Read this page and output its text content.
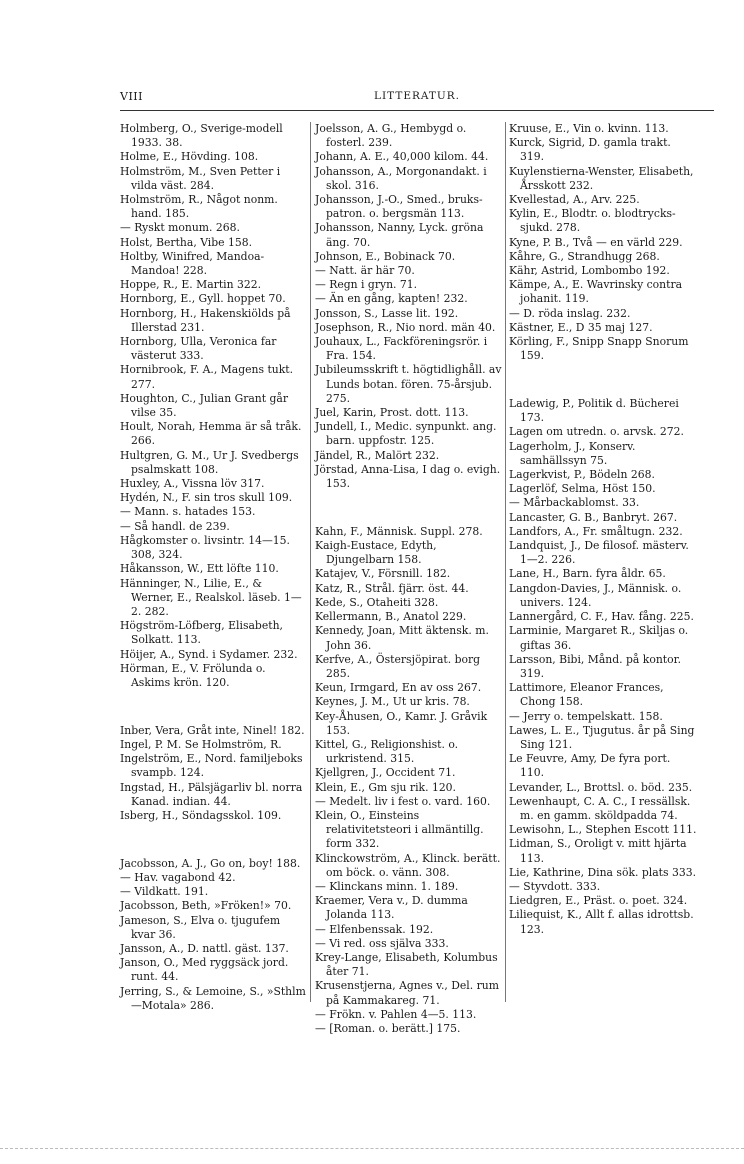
VIII	LITTERATUR.

Holmberg, O., Sverige-modell 1933. 38.

Holme, E., Hövding. 108.

Holmström, M., Sven Petter i vilda väst. 284.

Holmström, R., Något nonm. hand. 185.

— Ryskt monum. 268.

Holst, Bertha, Vibe 158.

Holtby, Winifred, Mandoa-Mandoa! 228.

Hoppe, R., E. Martin 322.

Hornborg, E., Gyll. hoppet 70.

Hornborg, H., Hakenskiölds på Illerstad 231.

Hornborg, Ulla, Veronica far västerut 333.

Hornibrook, F. A., Magens tukt. 277.

Houghton, C., Julian Grant går vilse 35.

Hoult, Norah, Hemma är så tråk. 266.

Hultgren, G. M., Ur J. Svedbergs psalmskatt 108.

Huxley, A., Vissna löv 317.

Hydén, N., F. sin tros skull 109.

— Mann. s. hatades 153.

— Så handl. de 239.

Hågkomster o. livsintr. 14—15. 308, 324.

Håkansson, W., Ett löfte 110.

Hänninger, N., Lilie, E., & Werner, E., Realskol. läseb. 1—2. 282.

Högström-Löfberg, Elisabeth, Solkatt. 113.

Höijer, A., Synd. i Sydamer. 232.

Hörman, E., V. Frölunda o. Askims krön. 120.

Inber, Vera, Gråt inte, Ninel! 182.

Ingel, P. M. Se Holmström, R.

Ingelström, E., Nord. familjeboks svampb. 124.

Ingstad, H., Pälsjägarliv bl. norra Kanad. indian. 44.

Isberg, H., Söndagsskol. 109.

Jacobsson, A. J., Go on, boy! 188.

— Hav. vagabond 42.

— Vildkatt. 191.

Jacobsson, Beth, »Fröken!» 70.

Jameson, S., Elva o. tjugufem kvar 36.

Jansson, A., D. nattl. gäst. 137.

Janson, O., Med ryggsäck jord. runt. 44.

Jerring, S., & Lemoine, S., »Sthlm—Motala» 286.

Joelsson, A. G., Hembygd o. fosterl. 239.

Johann, A. E., 40,000 kilom. 44.

Johansson, A., Morgonandakt. i skol. 316.

Johansson, J.-O., Smed., bruks-patron. o. bergsmän 113.

Johansson, Nanny, Lyck. gröna äng. 70.

Johnson, E., Bobinack 70.

— Natt. är här 70.

— Regn i gryn. 71.

— Än en gång, kapten! 232.

Jonsson, S., Lasse lit. 192.

Josephson, R., Nio nord. män 40.

Jouhaux, L., Fackföreningsrör. i Fra. 154.

Jubileumsskrift t. högtidlighåll. av Lunds botan. fören. 75-årsjub. 275.

Juel, Karin, Prost. dott. 113.

Jundell, I., Medic. synpunkt. ang. barn. uppfostr. 125.

Jändel, R., Malört 232.

Jörstad, Anna-Lisa, I dag o. evigh. 153.

Kahn, F., Människ. Suppl. 278.

Kaigh-Eustace, Edyth, Djungelbarn 158.

Katajev, V., Försnill. 182.

Katz, R., Strål. fjärr. öst. 44.

Kede, S., Otaheiti 328.

Kellermann, B., Anatol 229.

Kennedy, Joan, Mitt äktensk. m. John 36.

Kerfve, A., Östersjöpirat. borg 285.

Keun, Irmgard, En av oss 267.

Keynes, J. M., Ut ur kris. 78.

Key-Åhusen, O., Kamr. J. Gråvik 153.

Kittel, G., Religionshist. o. urkristend. 315.

Kjellgren, J., Occident 71.

Klein, E., Gm sju rik. 120.

— Medelt. liv i fest o. vard. 160.

Klein, O., Einsteins relativitetsteori i allmäntillg. form 332.

Klinckowström, A., Klinck. berätt. om böck. o. vänn. 308.

— Klinckans minn. 1. 189.

Kraemer, Vera v., D. dumma Jolanda 113.

— Elfenbenssak. 192.

— Vi red. oss själva 333.

Krey-Lange, Elisabeth, Kolumbus åter 71.

Krusenstjerna, Agnes v., Del. rum på Kammakareg. 71.

— Frökn. v. Pahlen 4—5. 113.

— [Roman. o. berätt.] 175.

Kruuse, E., Vin o. kvinn. 113.

Kurck, Sigrid, D. gamla trakt. 319.

Kuylenstierna-Wenster, Elisabeth, Årsskott 232.

Kvellestad, A., Arv. 225.

Kylin, E., Blodtr. o. blodtrycks-sjukd. 278.

Kyne, P. B., Två — en värld 229.

Kåhre, G., Strandhugg 268.

Kähr, Astrid, Lombombo 192.

Kämpe, A., E. Wavrinsky contra johanit. 119.

— D. röda inslag. 232.

Kästner, E., D 35 maj 127.

Körling, F., Snipp Snapp Snorum 159.

Ladewig, P., Politik d. Bücherei 173.

Lagen om utredn. o. arvsk. 272.

Lagerholm, J., Konserv. samhällssyn 75.

Lagerkvist, P., Bödeln 268.

Lagerlöf, Selma, Höst 150.

— Mårbackablomst. 33.

Lancaster, G. B., Banbryt. 267.

Landfors, A., Fr. småltugn. 232.

Landquist, J., De filosof. mästerv. 1—2. 226.

Lane, H., Barn. fyra åldr. 65.

Langdon-Davies, J., Människ. o. univers. 124.

Lannergård, C. F., Hav. fång. 225.

Larminie, Margaret R., Skiljas o. giftas 36.

Larsson, Bibi, Månd. på kontor. 319.

Lattimore, Eleanor Frances, Chong 158.

— Jerry o. tempelskatt. 158.

Lawes, L. E., Tjugutus. år på Sing Sing 121.

Le Feuvre, Amy, De fyra port. 110.

Levander, L., Brottsl. o. böd. 235.

Lewenhaupt, C. A. C., I ressällsk. m. en gamm. sköldpadda 74.

Lewisohn, L., Stephen Escott 111.

Lidman, S., Oroligt v. mitt hjärta 113.

Lie, Kathrine, Dina sök. plats 333.

— Styvdott. 333.

Liedgren, E., Präst. o. poet. 324.

Liliequist, K., Allt f. allas idrottsb. 123.
